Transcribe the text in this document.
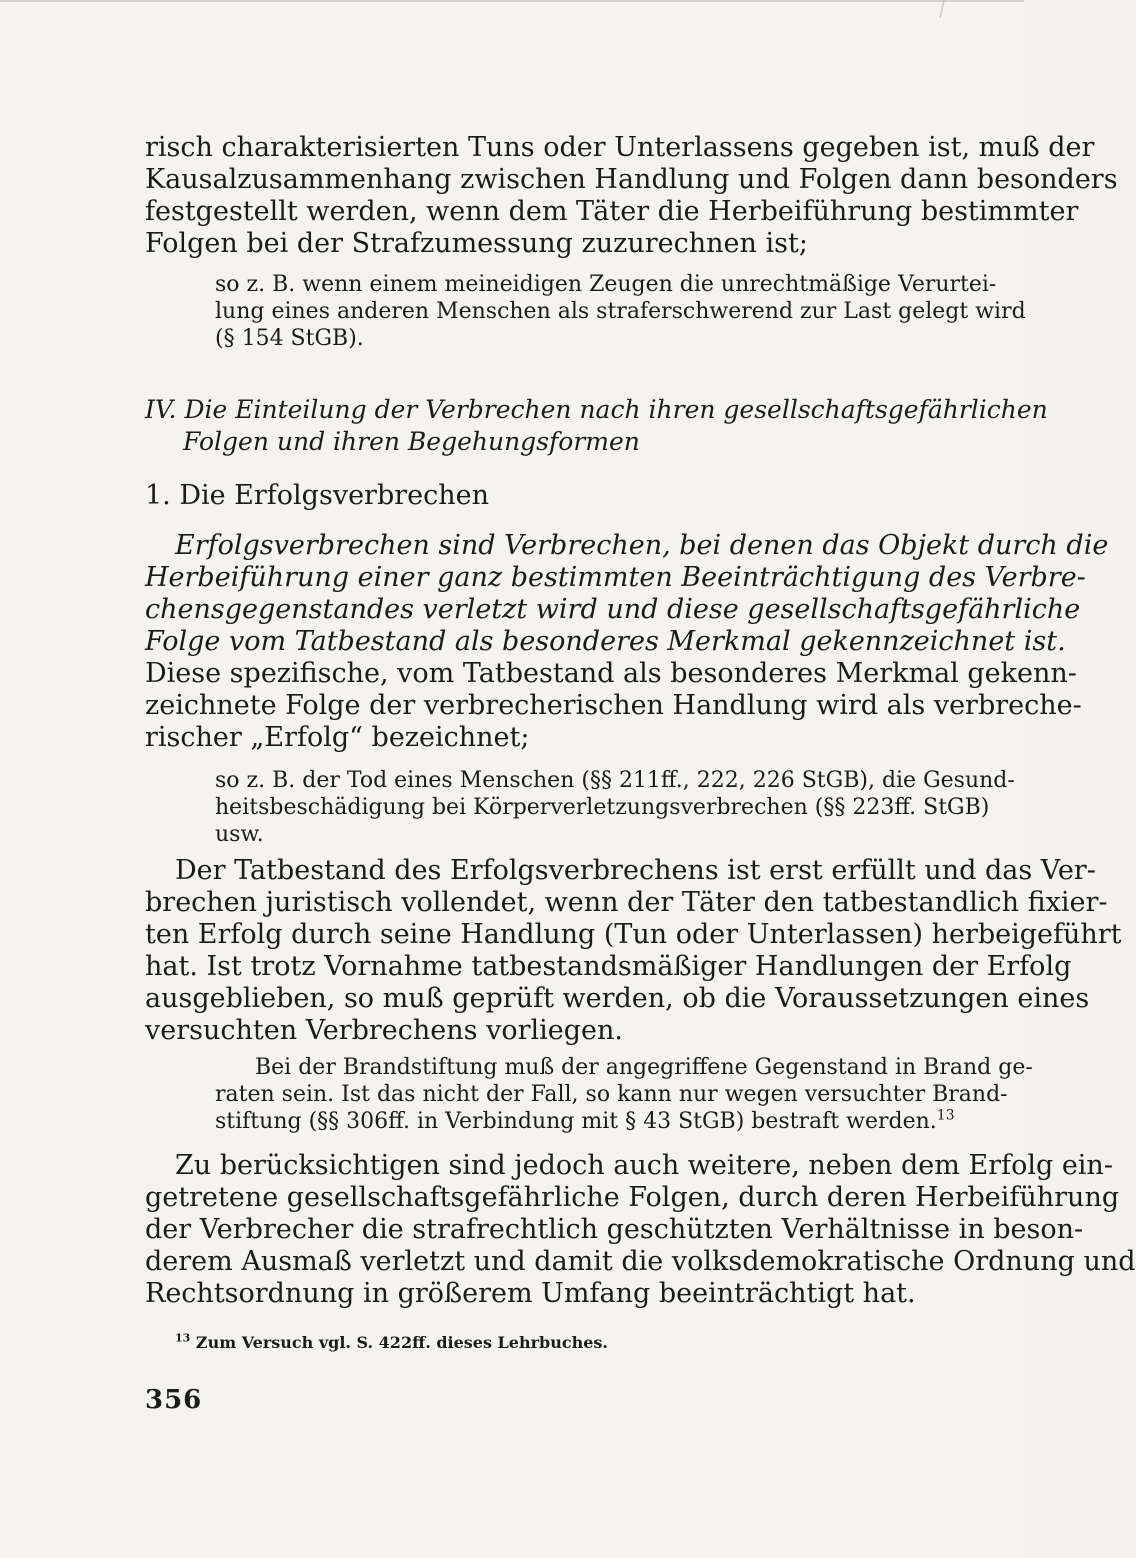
risch charakterisierten Tuns oder Unterlassens gegeben ist, muß der
Kausalzusammenhang zwischen Handlung und Folgen dann besonders
festgestellt werden, wenn dem Täter die Herbeiführung bestimmter
Folgen bei der Strafzumessung zuzurechnen ist;
so z. B. wenn einem meineidigen Zeugen die unrechtmäßige Verurtei-
lung eines anderen Menschen als straferschwerend zur Last gelegt wird
(§ 154 StGB).
IV. Die Einteilung der Verbrechen nach ihren gesellschaftsgefährlichen
Folgen und ihren Begehungsformen
1. Die Erfolgsverbrechen
Erfolgsverbrechen sind Verbrechen, bei denen das Objekt durch die
Herbeiführung einer ganz bestimmten Beeinträchtigung des Verbre-
chensgegenstandes verletzt wird und diese gesellschaftsgefährliche
Folge vom Tatbestand als besonderes Merkmal gekennzeichnet ist.
Diese spezifische, vom Tatbestand als besonderes Merkmal gekenn-
zeichnete Folge der verbrecherischen Handlung wird als verbreche-
rischer „Erfolg“ bezeichnet;
so z. B. der Tod eines Menschen (§§ 211ff., 222, 226 StGB), die Gesund-
heitsbeschädigung bei Körperverletzungsverbrechen (§§ 223ff. StGB)
usw.
Der Tatbestand des Erfolgsverbrechens ist erst erfüllt und das Ver-
brechen juristisch vollendet, wenn der Täter den tatbestandlich fixier-
ten Erfolg durch seine Handlung (Tun oder Unterlassen) herbeigeführt
hat. Ist trotz Vornahme tatbestandsmäßiger Handlungen der Erfolg
ausgeblieben, so muß geprüft werden, ob die Voraussetzungen eines
versuchten Verbrechens vorliegen.
Bei der Brandstiftung muß der angegriffene Gegenstand in Brand ge-
raten sein. Ist das nicht der Fall, so kann nur wegen versuchter Brand-
stiftung (§§ 306ff. in Verbindung mit § 43 StGB) bestraft werden.$^{13}$
Zu berücksichtigen sind jedoch auch weitere, neben dem Erfolg ein-
getretene gesellschaftsgefährliche Folgen, durch deren Herbeiführung
der Verbrecher die strafrechtlich geschützten Verhältnisse in beson-
derem Ausmaß verletzt und damit die volksdemokratische Ordnung und
Rechtsordnung in größerem Umfang beeinträchtigt hat.
$^{13}$ Zum Versuch vgl. S. 422ff. dieses Lehrbuches.
356
